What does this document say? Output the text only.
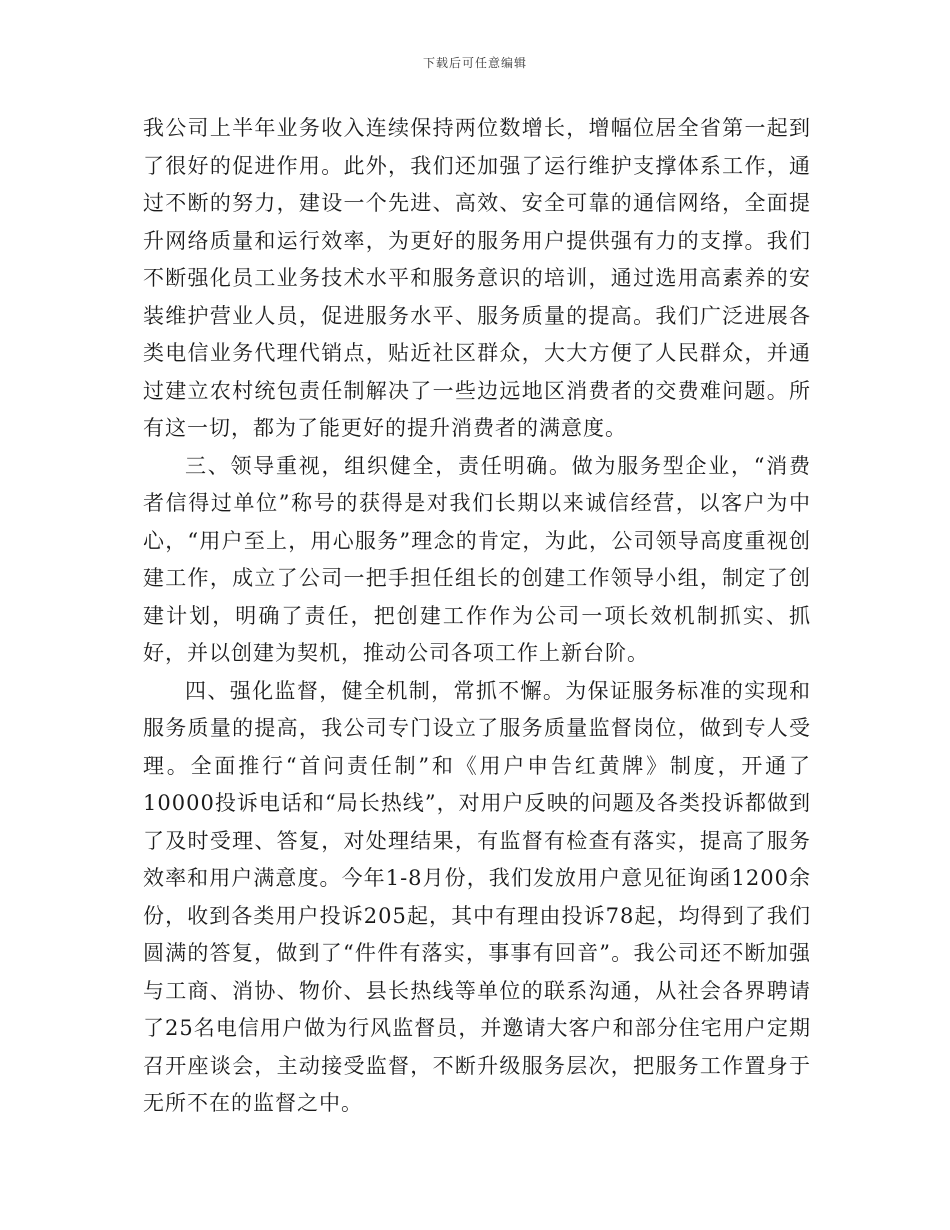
下载后可任意编辑

我公司上半年业务收入连续保持两位数增长，增幅位居全省第一起到了很好的促进作用。此外，我们还加强了运行维护支撑体系工作，通过不断的努力，建设一个先进、高效、安全可靠的通信网络，全面提升网络质量和运行效率，为更好的服务用户提供强有力的支撑。我们不断强化员工业务技术水平和服务意识的培训，通过选用高素养的安装维护营业人员，促进服务水平、服务质量的提高。我们广泛进展各类电信业务代理代销点，贴近社区群众，大大方便了人民群众，并通过建立农村统包责任制解决了一些边远地区消费者的交费难问题。所有这一切，都为了能更好的提升消费者的满意度。

三、领导重视，组织健全，责任明确。做为服务型企业，“消费者信得过单位”称号的获得是对我们长期以来诚信经营，以客户为中心，“用户至上，用心服务”理念的肯定，为此，公司领导高度重视创建工作，成立了公司一把手担任组长的创建工作领导小组，制定了创建计划，明确了责任，把创建工作作为公司一项长效机制抓实、抓好，并以创建为契机，推动公司各项工作上新台阶。

四、强化监督，健全机制，常抓不懈。为保证服务标准的实现和服务质量的提高，我公司专门设立了服务质量监督岗位，做到专人受理。全面推行“首问责任制”和《用户申告红黄牌》制度，开通了10000投诉电话和“局长热线”，对用户反映的问题及各类投诉都做到了及时受理、答复，对处理结果，有监督有检查有落实，提高了服务效率和用户满意度。今年1-8月份，我们发放用户意见征询函1200余份，收到各类用户投诉205起，其中有理由投诉78起，均得到了我们圆满的答复，做到了“件件有落实，事事有回音”。我公司还不断加强与工商、消协、物价、县长热线等单位的联系沟通，从社会各界聘请了25名电信用户做为行风监督员，并邀请大客户和部分住宅用户定期召开座谈会，主动接受监督，不断升级服务层次，把服务工作置身于无所不在的监督之中。
